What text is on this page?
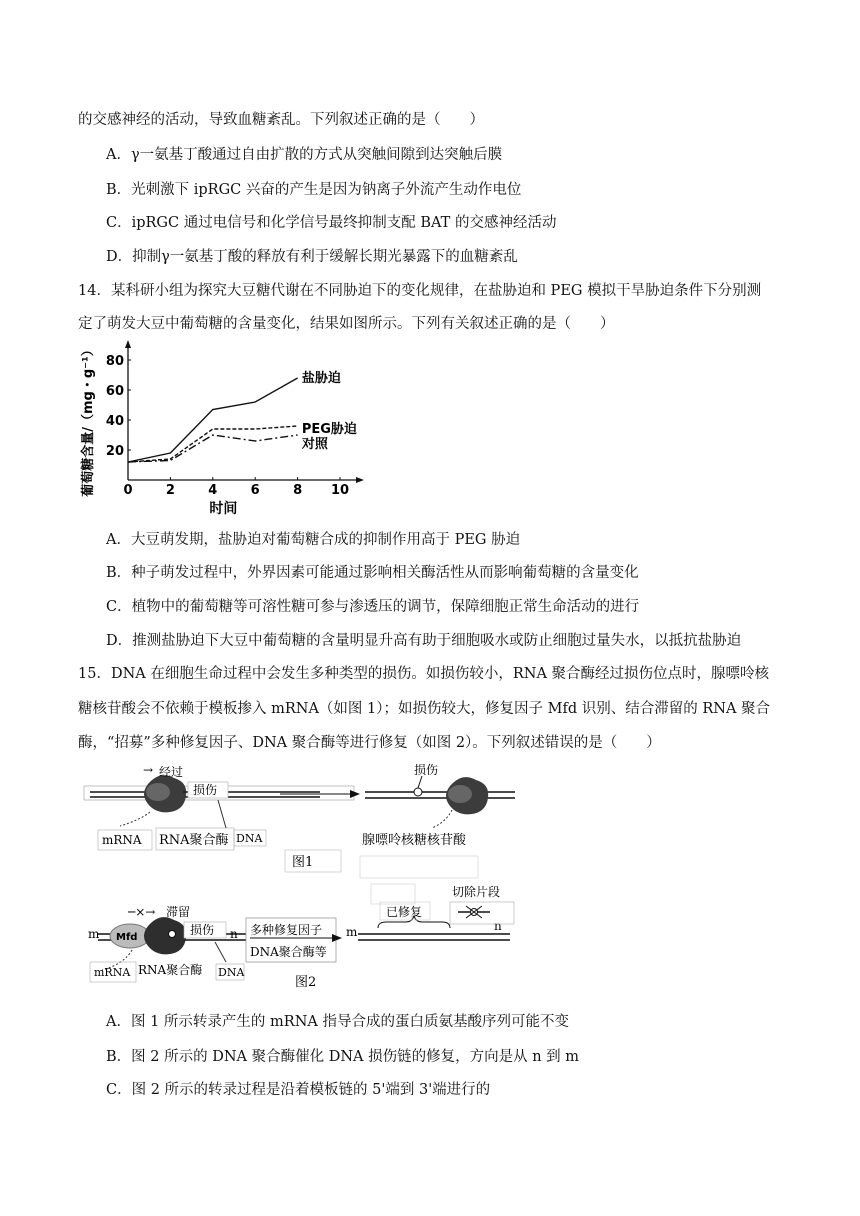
的交感神经的活动，导致血糖紊乱。下列叙述正确的是（　　）
A．γ一氨基丁酸通过自由扩散的方式从突触间隙到达突触后膜
B．光刺激下 ipRGC 兴奋的产生是因为钠离子外流产生动作电位
C．ipRGC 通过电信号和化学信号最终抑制支配 BAT 的交感神经活动
D．抑制γ一氨基丁酸的释放有利于缓解长期光暴露下的血糖紊乱
14．某科研小组为探究大豆糖代谢在不同胁迫下的变化规律，在盐胁迫和 PEG 模拟干旱胁迫条件下分别测
定了萌发大豆中葡萄糖的含量变化，结果如图所示。下列有关叙述正确的是（　　）
0	2	4	6	8 10
20
40
60
80
时间
葡萄糖含量/（mg・g⁻¹）	盐胁迫
PEG胁迫
对照
A．大豆萌发期，盐胁迫对葡萄糖合成的抑制作用高于 PEG 胁迫
B．种子萌发过程中，外界因素可能通过影响相关酶活性从而影响葡萄糖的含量变化
C．植物中的葡萄糖等可溶性糖可参与渗透压的调节，保障细胞正常生命活动的进行
D．推测盐胁迫下大豆中葡萄糖的含量明显升高有助于细胞吸水或防止细胞过量失水，以抵抗盐胁迫
15．DNA 在细胞生命过程中会发生多种类型的损伤。如损伤较小，RNA 聚合酶经过损伤位点时，腺嘌呤核
糖核苷酸会不依赖于模板掺入 mRNA（如图 1）；如损伤较大，修复因子 Mfd 识别、结合滞留的 RNA 聚合
酶，“招募”多种修复因子、DNA 聚合酶等进行修复（如图 2）。下列叙述错误的是（　　）
→ 经过
损伤
mRNA RNA聚合酶 DNA
图1
损伤
腺嘌呤核糖核苷酸
m	n
Mfd
─×→ 滞留
损伤
mRNA RNA聚合酶 DNA
多种修复因子
DNA聚合酶等
m	n
已修复
切除片段
图2
A．图 1 所示转录产生的 mRNA 指导合成的蛋白质氨基酸序列可能不变
B．图 2 所示的 DNA 聚合酶催化 DNA 损伤链的修复，方向是从 n 到 m
C．图 2 所示的转录过程是沿着模板链的 5'端到 3'端进行的
